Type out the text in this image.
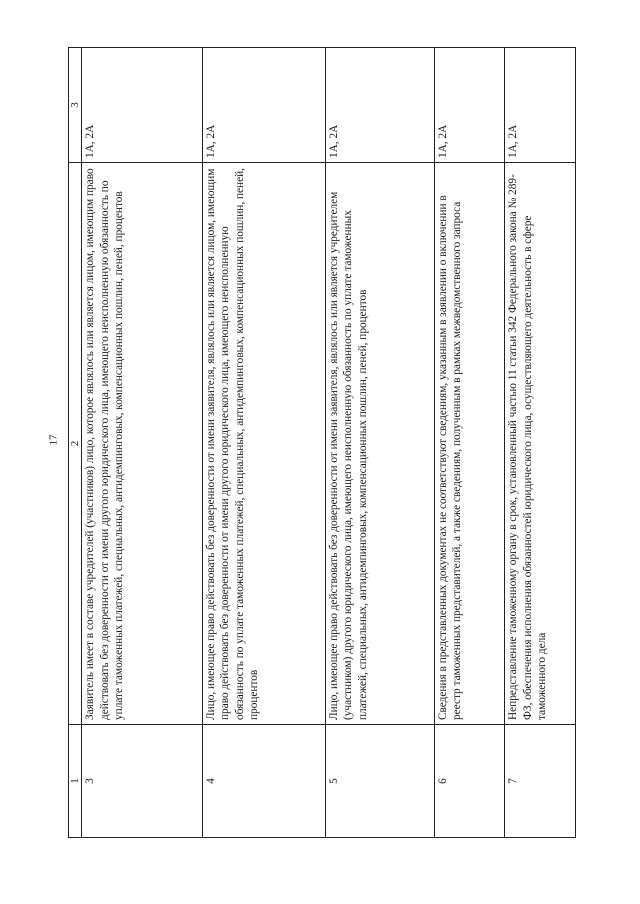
17
1	2	3
3	Заявитель имеет в составе учредителей (участников) лицо, которое являлось или является лицом, имеющим право действовать без доверенности от имени другого юридического лица, имеющего неисполненную обязанность по уплате таможенных платежей, специальных, антидемпинговых, компенсационных пошлин, пеней, процентов	1А, 2А
4	Лицо, имеющее право действовать без доверенности от имени заявителя, являлось или является лицом, имеющим право действовать без доверенности от имени другого юридического лица, имеющего неисполненную обязанность по уплате таможенных платежей, специальных, антидемпинговых, компенсационных пошлин, пеней, процентов	1А, 2А
5	Лицо, имеющее право действовать без доверенности от имени заявителя, являлось или является учредителем (участником) другого юридического лица, имеющего неисполненную обязанность по уплате таможенных платежей, специальных, антидемпинговых, компенсационных пошлин, пеней, процентов	1А, 2А
6	Сведения в представленных документах не соответствуют сведениям, указанным в заявлении о включении в реестр таможенных представителей, а также сведениям, полученным в рамках межведомственного запроса	1А, 2А
7	Непредставление таможенному органу в срок, установленный частью 11 статьи 342 Федерального закона № 289-ФЗ, обеспечения исполнения обязанностей юридического лица, осуществляющего деятельность в сфере таможенного дела	1А, 2А
